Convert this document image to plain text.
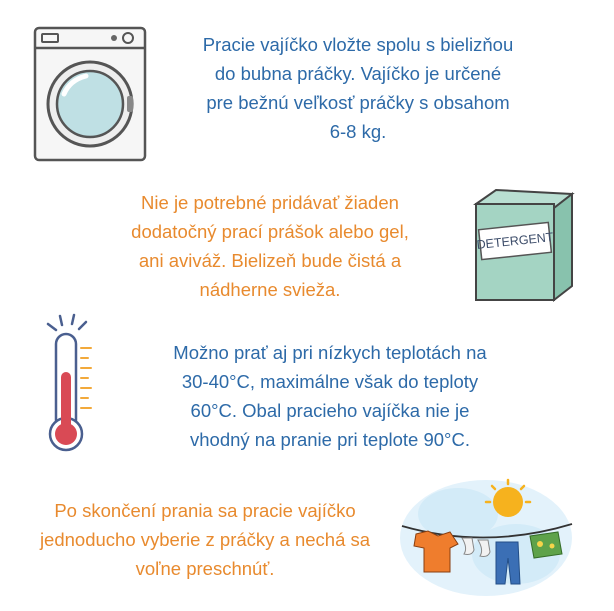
Pracie vajíčko vložte spolu s bielizňou
do bubna práčky. Vajíčko je určené
pre bežnú veľkosť práčky s obsahom
6-8 kg.
Nie je potrebné pridávať žiaden
dodatočný prací prášok alebo gel,
ani aviváž. Bielizeň bude čistá a
nádherne svieža.
DETERGENT
Možno prať aj pri nízkych teplotách na
30-40°C, maximálne však do teploty
60°C. Obal pracieho vajíčka nie je
vhodný na pranie pri teplote 90°C.
Po skončení prania sa pracie vajíčko
jednoducho vyberie z práčky a nechá sa
voľne preschnúť.
